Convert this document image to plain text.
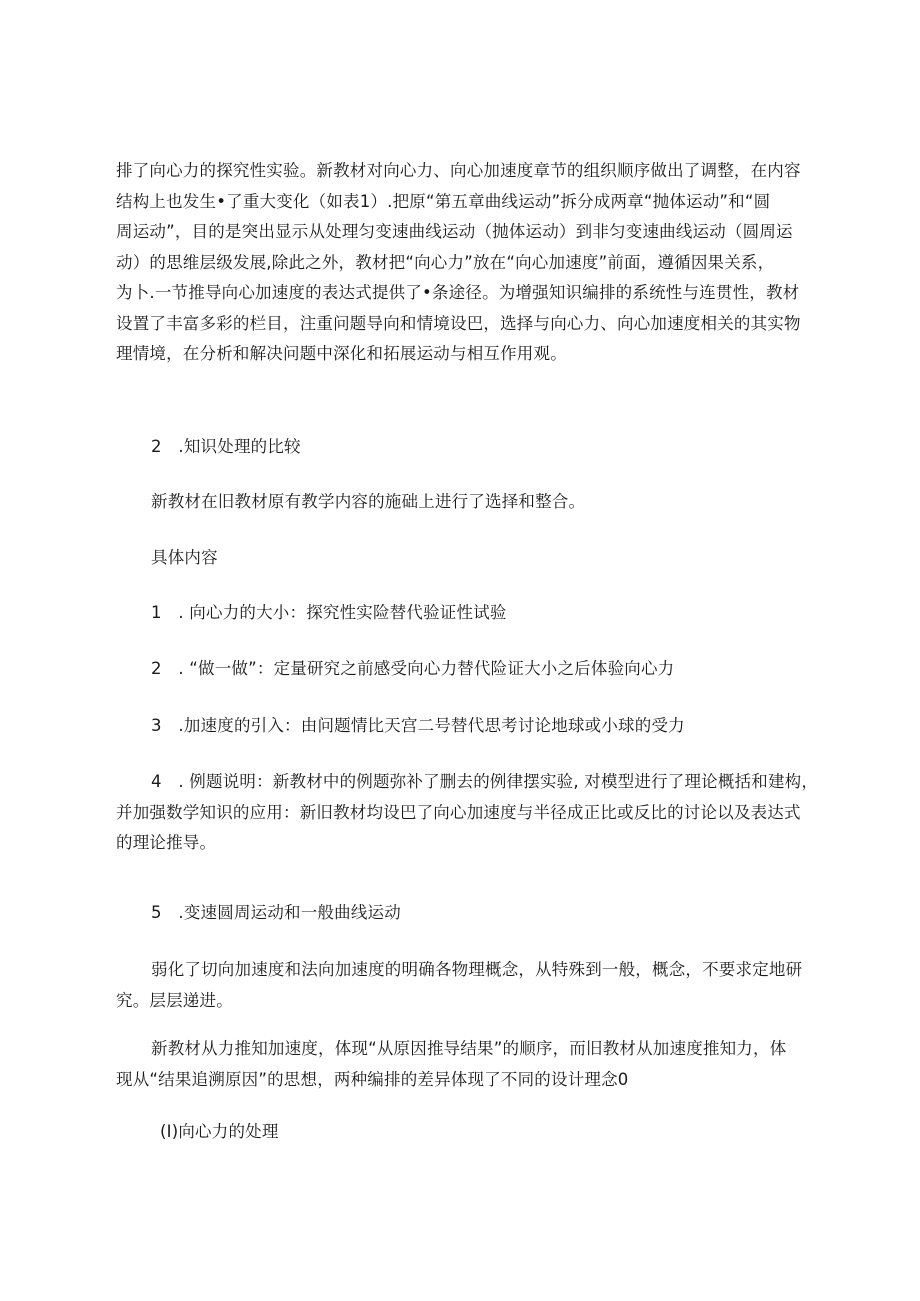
排了向心力的探究性实验。新教材对向心力、向心加速度章节的组织顺序做出了调整，在内容
结构上也发生•了重大变化（如表1）.把原“第五章曲线运动”拆分成两章“抛体运动”和“圆
周运动”，目的是突出显示从处理匀变速曲线运动（抛体运动）到非匀变速曲线运动（圆周运
动）的思维层级发展,除此之外，教材把“向心力”放在“向心加速度”前面，遵循因果关系，
为卜.一节推导向心加速度的表达式提供了•条途径。为增强知识编排的系统性与连贯性，教材
设置了丰富多彩的栏目，注重问题导向和情境设巴，选择与向心力、向心加速度相关的其实物
理情境，在分析和解决问题中深化和拓展运动与相互作用观。
2　.知识处理的比较
新教材在旧教材原有教学内容的施础上进行了选择和整合。
具体内容
1　. 向心力的大小：探究性实险替代验证性试验
2　. “做一做”：定量研究之前感受向心力替代险证大小之后体验向心力
3　.加速度的引入：由问题情比天宫二号替代思考讨论地球或小球的受力
4　. 例题说明：新教材中的例题弥补了删去的例律摆实验, 对模型进行了理论概括和建构，
并加强数学知识的应用：新旧教材均设巴了向心加速度与半径成正比或反比的讨论以及表达式
的理论推导。
5　.变速圆周运动和一般曲线运动
弱化了切向加速度和法向加速度的明确各物理概念，从特殊到一般，概念，不要求定地研
究。层层递进。
新教材从力推知加速度，体现“从原因推导结果”的顺序，而旧教材从加速度推知力，体
现从“结果追溯原因”的思想，两种编排的差异体现了不同的设计理念0
(I)向心力的处理
